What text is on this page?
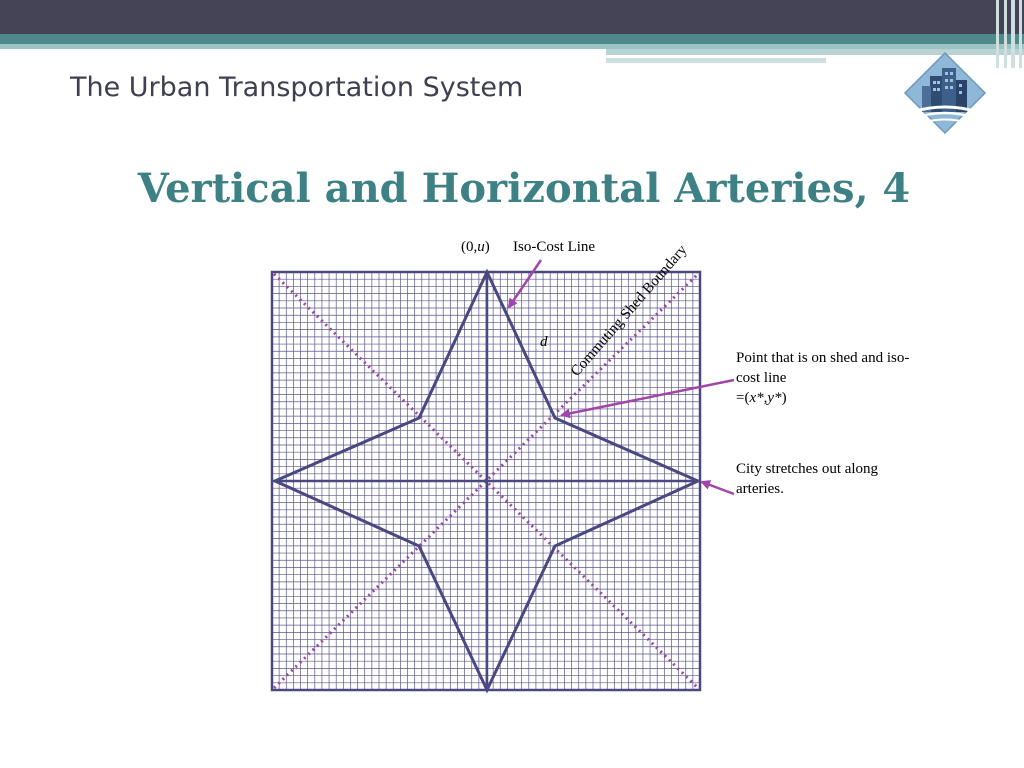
The Urban Transportation System
Vertical and Horizontal Arteries, 4
(0,u) Iso-Cost Line
d Commuting Shed Boundary	Point that is on shed and iso-
cost line
=(x*,y*)
City stretches out along
arteries.
